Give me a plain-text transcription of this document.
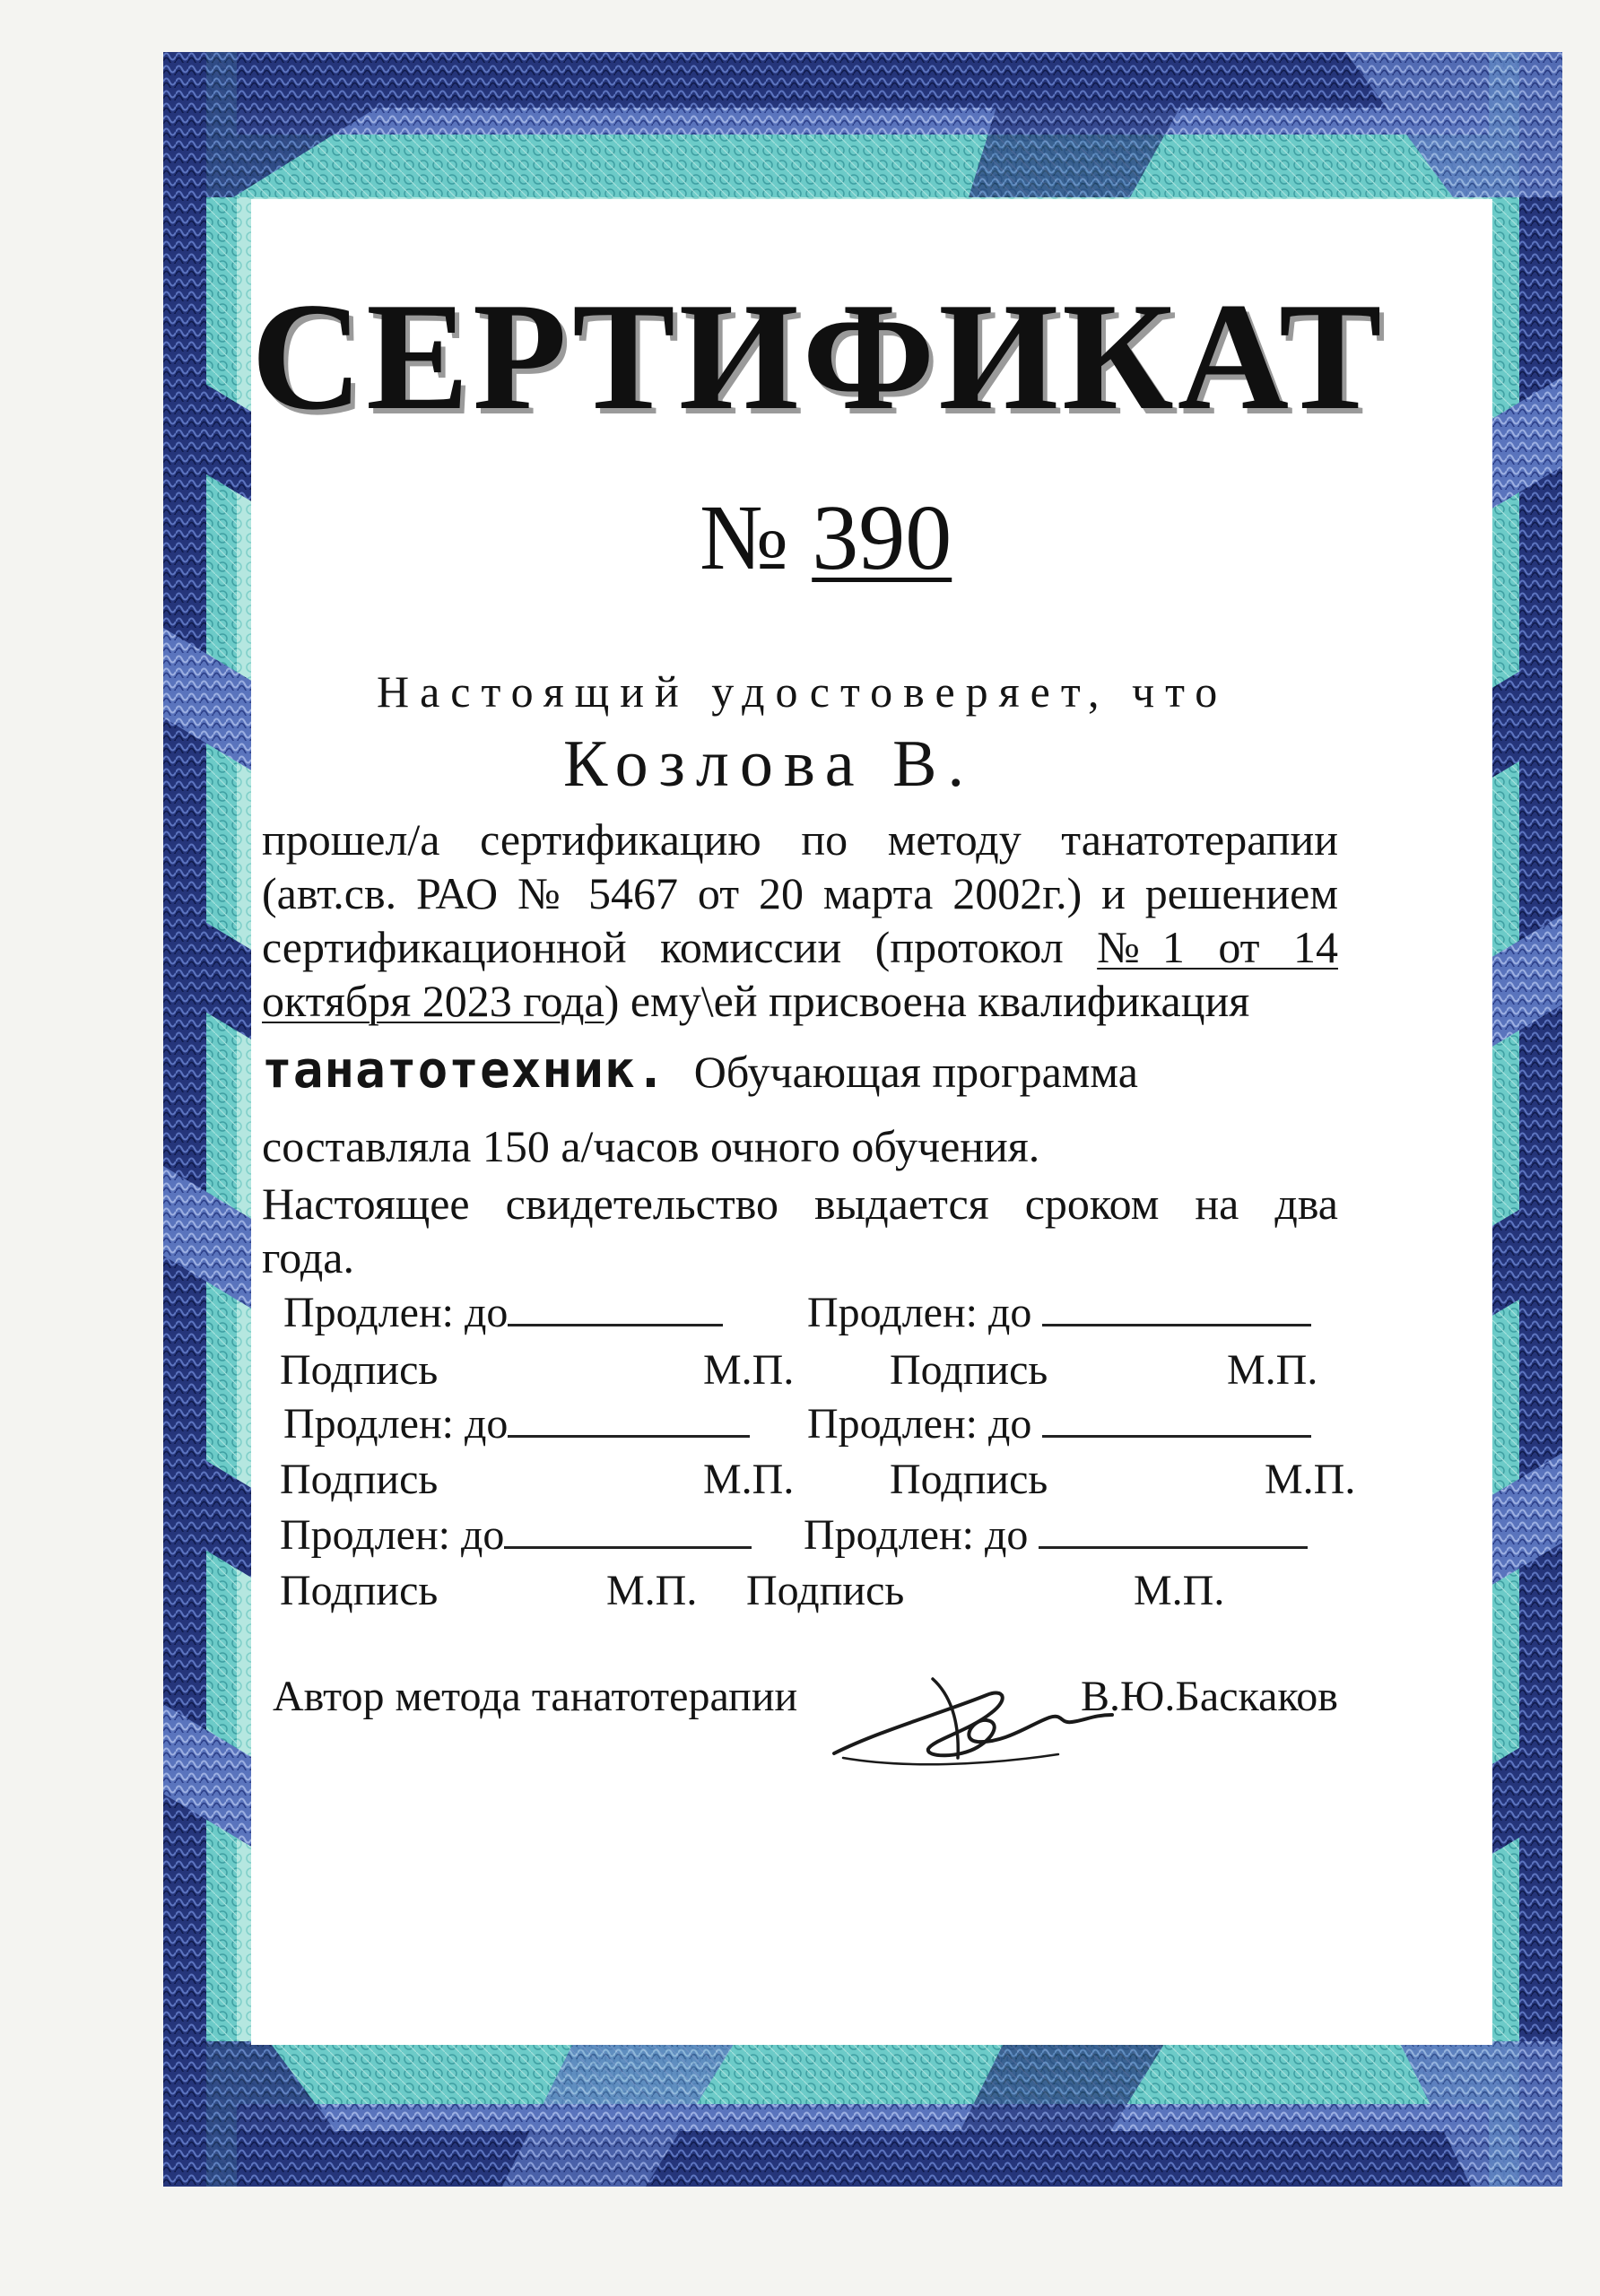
СЕРТИФИКАТ
№ 390
Настоящий удостоверяет, что
Козлова В.
прошел/а сертификацию по методу танатотерапии
(авт.св. РАО № 5467 от 20 марта 2002г.) и решением
сертификационной комиссии (протокол №1 от 14
октября 2023 года) ему\ей присвоена квалификация
танатотехник. Обучающая программа
составляла 150 а/часов очного обучения.
Настоящее свидетельство выдается сроком на два
года.
Продлен: до	Продлен: до
Подпись	М.П. Подпись	М.П.
Продлен: до	Продлен: до
Подпись	М.П. Подпись	М.П.
Продлен: до	Продлен: до
Подпись	М.П. Подпись	М.П.
Автор метода танатотерапии	В.Ю.Баскаков
